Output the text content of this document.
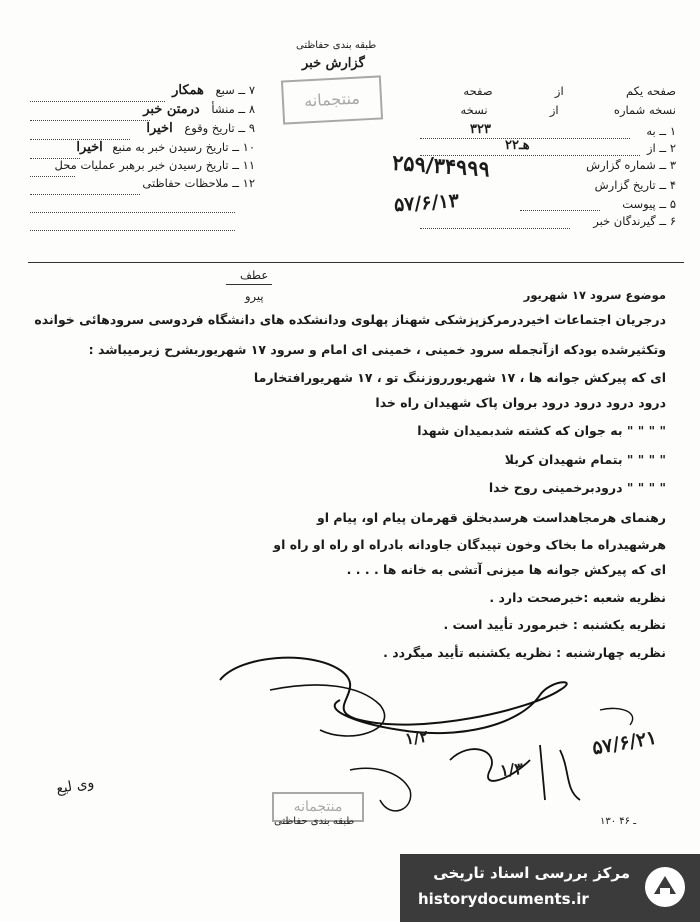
طبقه بندی حفاظتی
گزارش خبر
منتجمانه	صفحه یکم  از  صفحه
نسخه شماره  از  نسخه
۱ ــ به
۳۲۳
۲ ــ از
۲هـ۲
۳ ــ شماره گزارش
۲۵۹/۳۴۹۹۹
۴ ــ تاریخ گزارش
۵۷/۶/۱۳	۵ ــ پیوست
۶ ــ گیرندگان خبر
۷ ــ سبع همکار
۸ ــ منشأ درمتن خبر
۹ ــ تاریخ وقوع اخیرا
۱۰ ــ تاریخ رسیدن خبر به منبع اخیرا
۱۱ ــ تاریخ رسیدن خبر برهبر عملیات محل
۱۲ ــ ملاحظات حفاظتی
عطف
پیرو	موضوع سرود ۱۷ شهریور
درجریان اجتماعات اخیردرمرکزپزشکی شهناز پهلوی ودانشکده های دانشگاه فردوسی سرودهائی خوانده
وتکثیرشده بودکه ازآنجمله سرود خمینی ، خمینی ای امام و سرود ۱۷ شهریوربشرح زیرمیباشد :
ای که پیرکش جوانه ها ، ۱۷ شهریورروزننگ تو ، ۱۷ شهریورافتخارما
درود درود درود درود بروان پاک شهیدان راه خدا
" " " " به جوان که کشته شدبمیدان شهدا
" " " " بتمام شهیدان کربلا
" " " " درودبرخمینی روح خدا
رهنمای هرمجاهداست هرسدبخلق قهرمان پیام او، پیام او
هرشهیدراه ما بخاک وخون تپیدگان جاودانه بادراه او راه او راه او
ای که پیرکش جوانه ها میزنی آتشی به خانه ها . . . .
نظریه شعبه :خبرصحت دارد .
نظریه یکشنبه : خبرمورد تأیید است .
نظریه چهارشنبه : نظریه یکشنبه تأیید میگردد .
۱/۲
۱/۳
۵۷/۶/۲۱
وی لیع
منتجمانه
طبقه بندی حفاظتی	۱۳۰ ـ ۴۶
مرکز بررسی اسناد تاریخی
historydocuments.ir
